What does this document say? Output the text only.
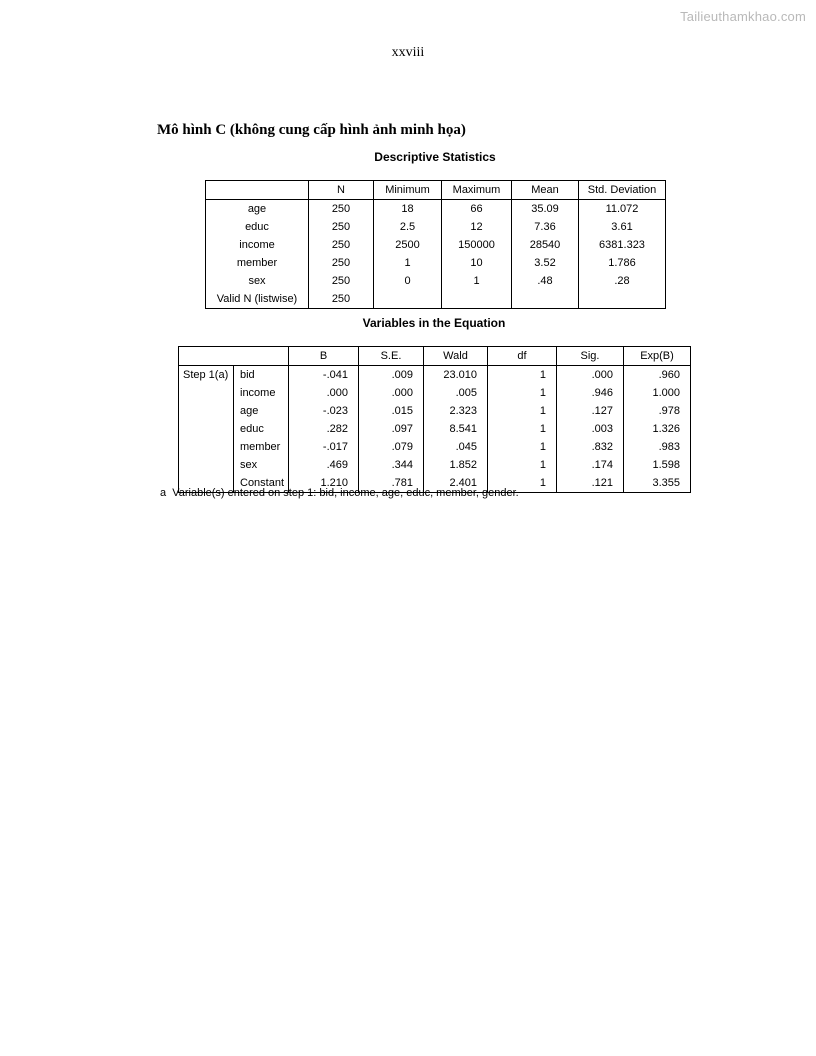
Tailieuthamkhao.com
xxviii
Mô hình C (không cung cấp hình ảnh minh họa)
Descriptive Statistics
	N	Minimum	Maximum	Mean	Std. Deviation
age	250	18	66	35.09	11.072
educ	250	2.5	12	7.36	3.61
income	250	2500	150000	28540	6381.323
member	250	1	10	3.52	1.786
sex	250	0	1	.48	.28
Valid N (listwise)	250				
Variables in the Equation
		B	S.E.	Wald	df	Sig.	Exp(B)
Step 1(a)	bid	-.041	.009	23.010	1	.000	.960
	income	.000	.000	.005	1	.946	1.000
	age	-.023	.015	2.323	1	.127	.978
	educ	.282	.097	8.541	1	.003	1.326
	member	-.017	.079	.045	1	.832	.983
	sex	.469	.344	1.852	1	.174	1.598
	Constant	1.210	.781	2.401	1	.121	3.355
a  Variable(s) entered on step 1: bid, income, age, educ, member, gender.
